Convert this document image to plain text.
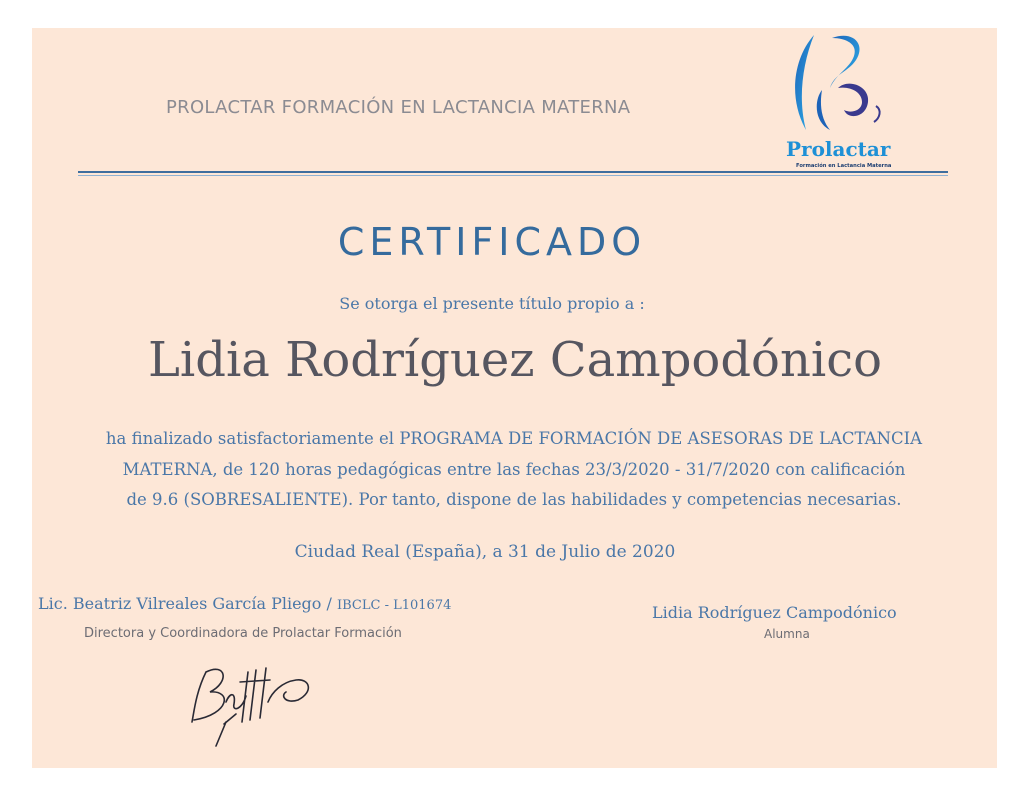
PROLACTAR FORMACIÓN EN LACTANCIA MATERNA
Prolactar
Formación en Lactancia Materna
CERTIFICADO
Se otorga el presente título propio a :
Lidia Rodríguez Campodónico
ha finalizado satisfactoriamente el PROGRAMA DE FORMACIÓN DE ASESORAS DE LACTANCIA
MATERNA, de 120 horas pedagógicas entre las fechas 23/3/2020 - 31/7/2020 con calificación
de 9.6 (SOBRESALIENTE). Por tanto, dispone de las habilidades y competencias necesarias.
Ciudad Real (España), a 31 de Julio de 2020
Lic. Beatriz Vilreales García Pliego / IBCLC - L101674
Directora y Coordinadora de Prolactar Formación
Lidia Rodríguez Campodónico
Alumna
